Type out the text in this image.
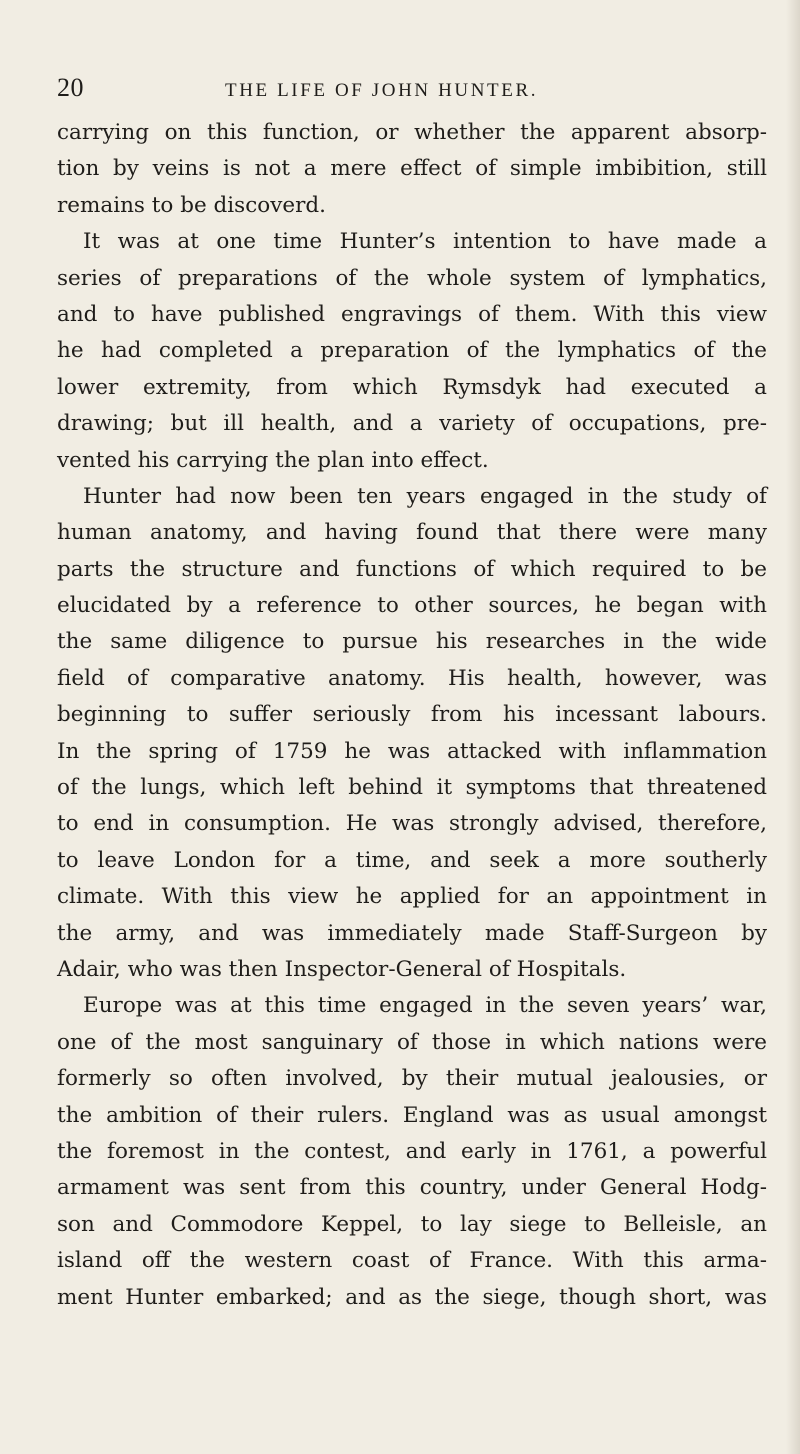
20	THE LIFE OF JOHN HUNTER.
carrying on this function, or whether the apparent absorp-
tion by veins is not a mere effect of simple imbibition, still
remains to be discoverd.
It was at one time Hunter’s intention to have made a
series of preparations of the whole system of lymphatics,
and to have published engravings of them. With this view
he had completed a preparation of the lymphatics of the
lower extremity, from which Rymsdyk had executed a
drawing; but ill health, and a variety of occupations, pre-
vented his carrying the plan into effect.
Hunter had now been ten years engaged in the study of
human anatomy, and having found that there were many
parts the structure and functions of which required to be
elucidated by a reference to other sources, he began with
the same diligence to pursue his researches in the wide
field of comparative anatomy. His health, however, was
beginning to suffer seriously from his incessant labours.
In the spring of 1759 he was attacked with inflammation
of the lungs, which left behind it symptoms that threatened
to end in consumption. He was strongly advised, therefore,
to leave London for a time, and seek a more southerly
climate. With this view he applied for an appointment in
the army, and was immediately made Staff-Surgeon by
Adair, who was then Inspector-General of Hospitals.
Europe was at this time engaged in the seven years’ war,
one of the most sanguinary of those in which nations were
formerly so often involved, by their mutual jealousies, or
the ambition of their rulers. England was as usual amongst
the foremost in the contest, and early in 1761, a powerful
armament was sent from this country, under General Hodg-
son and Commodore Keppel, to lay siege to Belleisle, an
island off the western coast of France. With this arma-
ment Hunter embarked; and as the siege, though short, was
